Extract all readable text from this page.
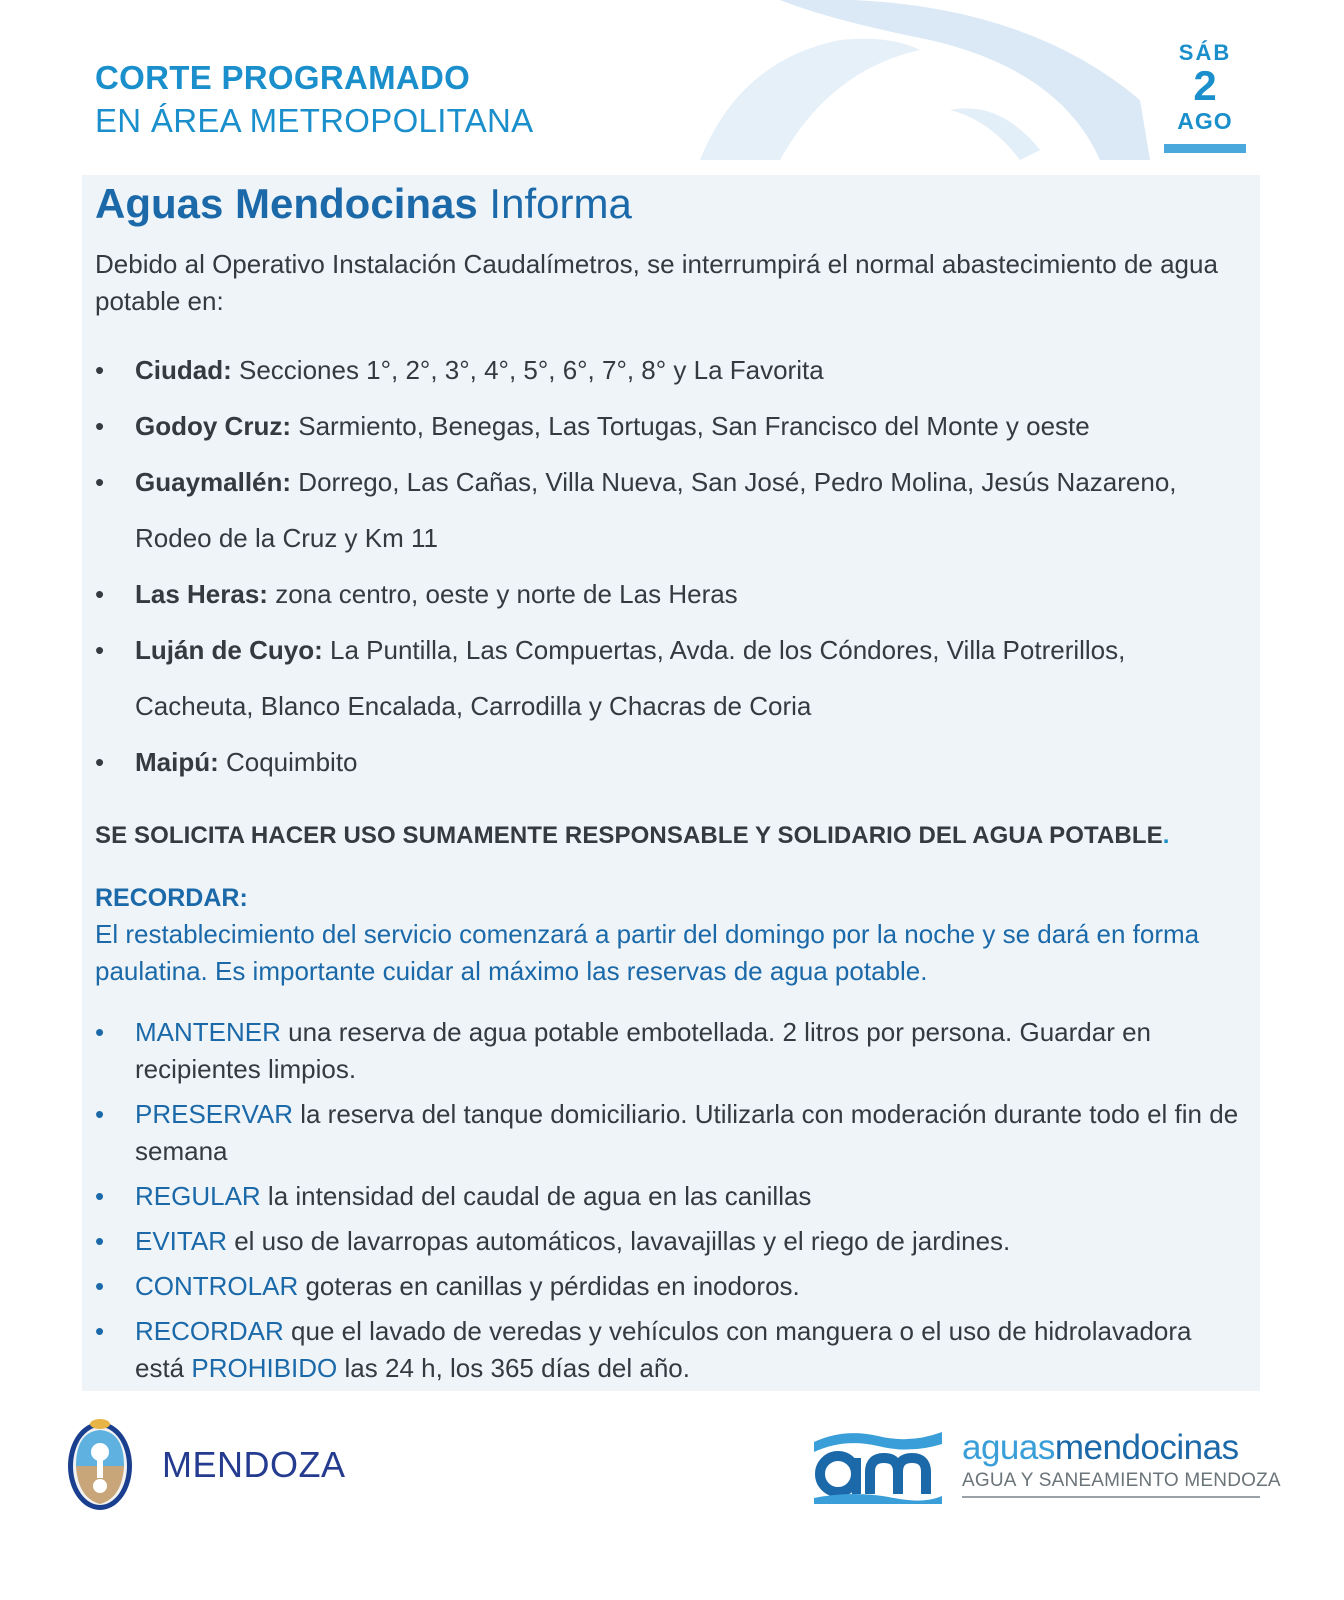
CORTE PROGRAMADO
EN ÁREA METROPOLITANA
SÁB
2
AGO
Aguas Mendocinas Informa
Debido al Operativo Instalación Caudalímetros, se interrumpirá el normal abastecimiento de agua potable en:
• Ciudad: Secciones 1°, 2°, 3°, 4°, 5°, 6°, 7°, 8° y La Favorita
• Godoy Cruz: Sarmiento, Benegas, Las Tortugas, San Francisco del Monte y oeste
• Guaymallén: Dorrego, Las Cañas, Villa Nueva, San José, Pedro Molina, Jesús Nazareno, Rodeo de la Cruz y Km 11
• Las Heras: zona centro, oeste y norte de Las Heras
• Luján de Cuyo: La Puntilla, Las Compuertas, Avda. de los Cóndores, Villa Potrerillos, Cacheuta, Blanco Encalada, Carrodilla y Chacras de Coria
• Maipú: Coquimbito
SE SOLICITA HACER USO SUMAMENTE RESPONSABLE Y SOLIDARIO DEL AGUA POTABLE.
RECORDAR:
El restablecimiento del servicio comenzará a partir del domingo por la noche y se dará en forma paulatina. Es importante cuidar al máximo las reservas de agua potable.
• MANTENER una reserva de agua potable embotellada. 2 litros por persona. Guardar en recipientes limpios.
• PRESERVAR la reserva del tanque domiciliario. Utilizarla con moderación durante todo el fin de semana
• REGULAR la intensidad del caudal de agua en las canillas
• EVITAR el uso de lavarropas automáticos, lavavajillas y el riego de jardines.
• CONTROLAR goteras en canillas y pérdidas en inodoros.
• RECORDAR que el lavado de veredas y vehículos con manguera o el uso de hidrolavadora está PROHIBIDO las 24 h, los 365 días del año.
MENDOZA	aguasmendocinas
AGUA Y SANEAMIENTO MENDOZA
